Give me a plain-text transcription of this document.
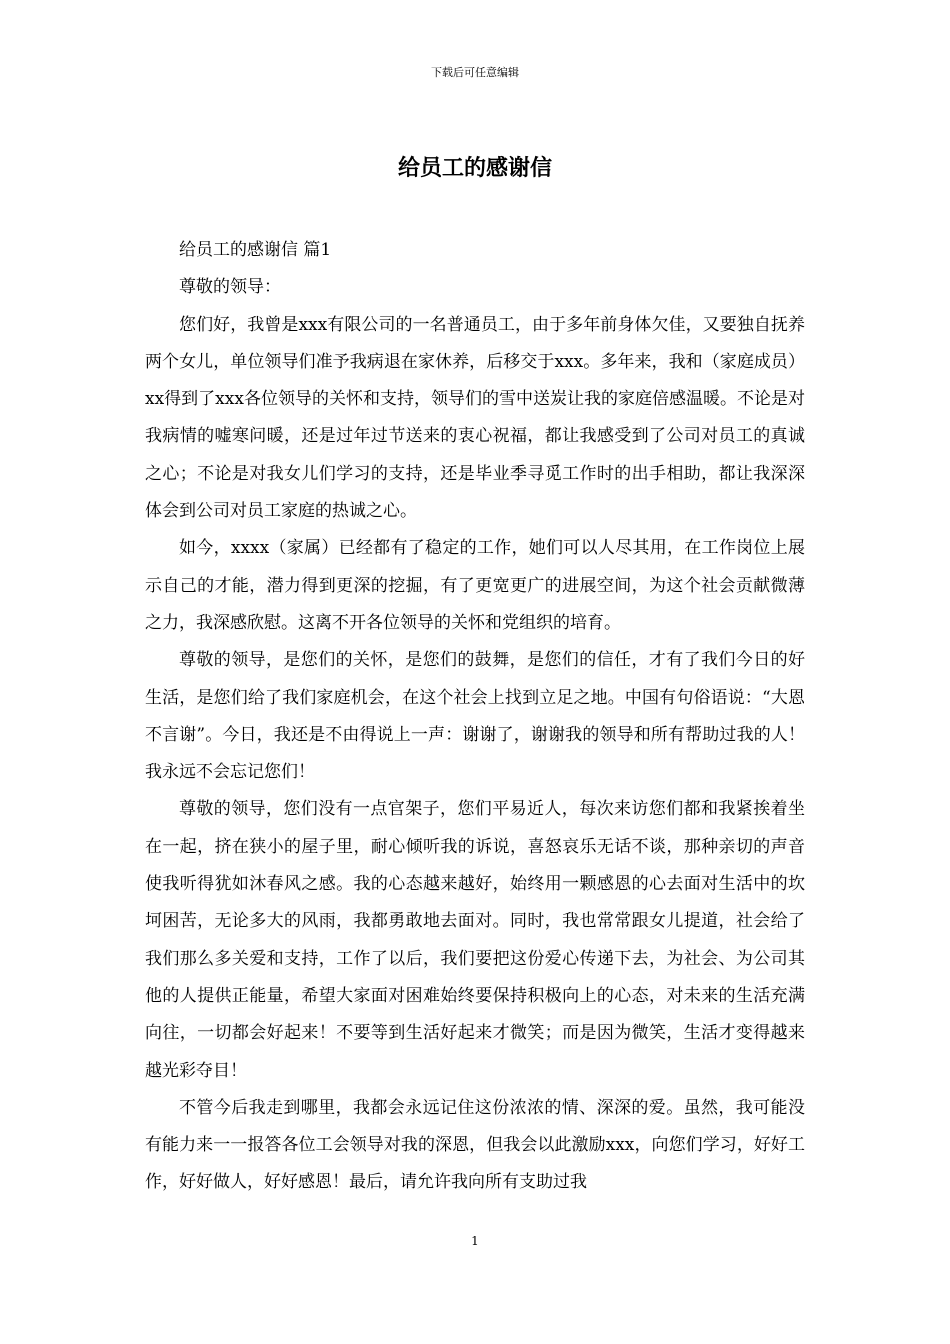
下载后可任意编辑
给员工的感谢信

给员工的感谢信 篇1

尊敬的领导：

您们好，我曾是xxx有限公司的一名普通员工，由于多年前身体欠佳，又要独自抚养两个女儿，单位领导们准予我病退在家休养，后移交于xxx。多年来，我和（家庭成员）xx得到了xxx各位领导的关怀和支持，领导们的雪中送炭让我的家庭倍感温暖。不论是对我病情的嘘寒问暖，还是过年过节送来的衷心祝福，都让我感受到了公司对员工的真诚之心；不论是对我女儿们学习的支持，还是毕业季寻觅工作时的出手相助，都让我深深体会到公司对员工家庭的热诚之心。

如今，xxxx（家属）已经都有了稳定的工作，她们可以人尽其用，在工作岗位上展示自己的才能，潜力得到更深的挖掘，有了更宽更广的进展空间，为这个社会贡献微薄之力，我深感欣慰。这离不开各位领导的关怀和党组织的培育。

尊敬的领导，是您们的关怀，是您们的鼓舞，是您们的信任，才有了我们今日的好生活，是您们给了我们家庭机会，在这个社会上找到立足之地。中国有句俗语说：“大恩不言谢”。今日，我还是不由得说上一声：谢谢了，谢谢我的领导和所有帮助过我的人！我永远不会忘记您们！

尊敬的领导，您们没有一点官架子，您们平易近人，每次来访您们都和我紧挨着坐在一起，挤在狭小的屋子里，耐心倾听我的诉说，喜怒哀乐无话不谈，那种亲切的声音使我听得犹如沐春风之感。我的心态越来越好，始终用一颗感恩的心去面对生活中的坎坷困苦，无论多大的风雨，我都勇敢地去面对。同时，我也常常跟女儿提道，社会给了我们那么多关爱和支持，工作了以后，我们要把这份爱心传递下去，为社会、为公司其他的人提供正能量，希望大家面对困难始终要保持积极向上的心态，对未来的生活充满向往，一切都会好起来！不要等到生活好起来才微笑；而是因为微笑，生活才变得越来越光彩夺目！

不管今后我走到哪里，我都会永远记住这份浓浓的情、深深的爱。虽然，我可能没有能力来一一报答各位工会领导对我的深恩，但我会以此激励xxx，向您们学习，好好工作，好好做人，好好感恩！最后，请允许我向所有支助过我

1
